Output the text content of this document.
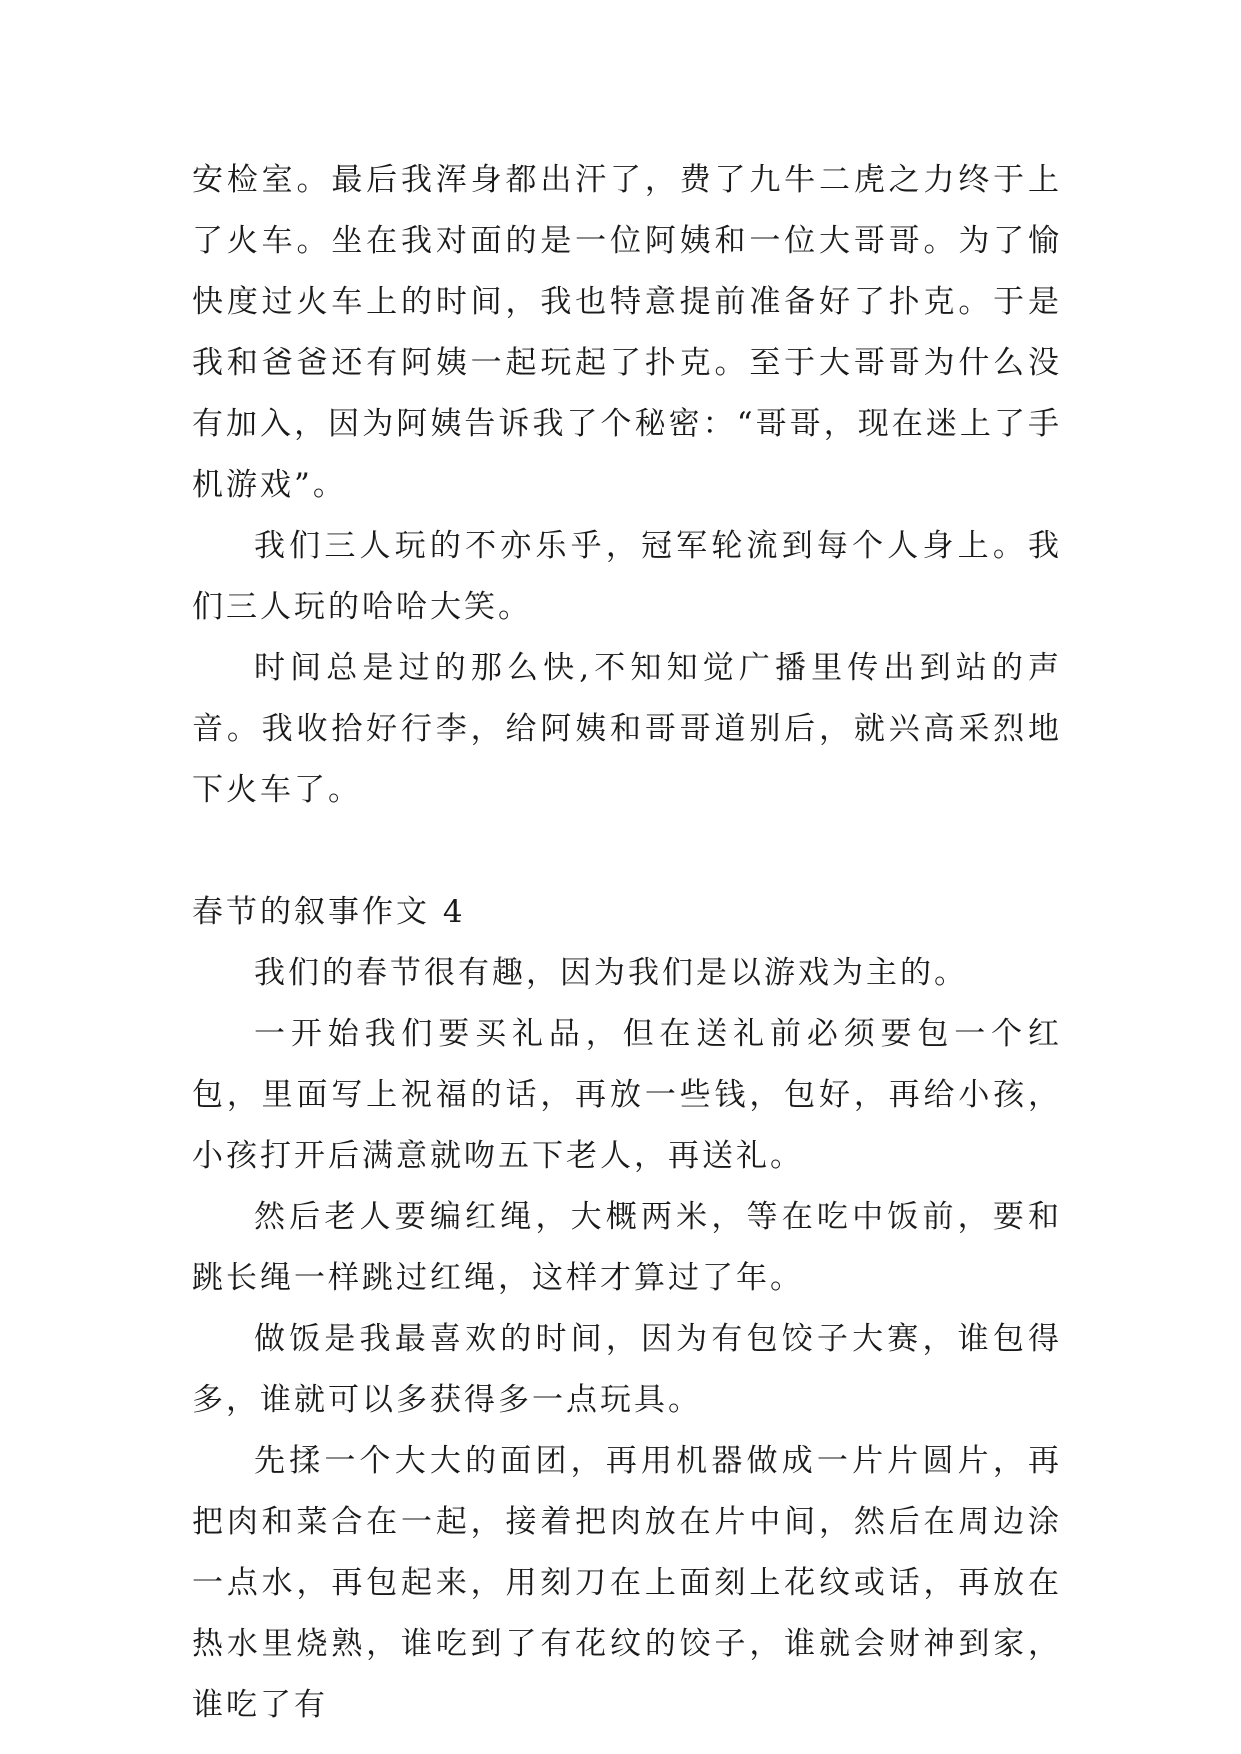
安检室。最后我浑身都出汗了，费了九牛二虎之力终于上了火车。坐在我对面的是一位阿姨和一位大哥哥。为了愉快度过火车上的时间，我也特意提前准备好了扑克。于是我和爸爸还有阿姨一起玩起了扑克。至于大哥哥为什么没有加入，因为阿姨告诉我了个秘密：“哥哥，现在迷上了手机游戏”。

我们三人玩的不亦乐乎，冠军轮流到每个人身上。我们三人玩的哈哈大笑。

时间总是过的那么快,不知知觉广播里传出到站的声音。我收拾好行李，给阿姨和哥哥道别后，就兴高采烈地下火车了。

春节的叙事作文 4

我们的春节很有趣，因为我们是以游戏为主的。

一开始我们要买礼品，但在送礼前必须要包一个红包，里面写上祝福的话，再放一些钱，包好，再给小孩，小孩打开后满意就吻五下老人，再送礼。

然后老人要编红绳，大概两米，等在吃中饭前，要和跳长绳一样跳过红绳，这样才算过了年。

做饭是我最喜欢的时间，因为有包饺子大赛，谁包得多，谁就可以多获得多一点玩具。

先揉一个大大的面团，再用机器做成一片片圆片，再把肉和菜合在一起，接着把肉放在片中间，然后在周边涂一点水，再包起来，用刻刀在上面刻上花纹或话，再放在热水里烧熟，谁吃到了有花纹的饺子，谁就会财神到家，谁吃了有
